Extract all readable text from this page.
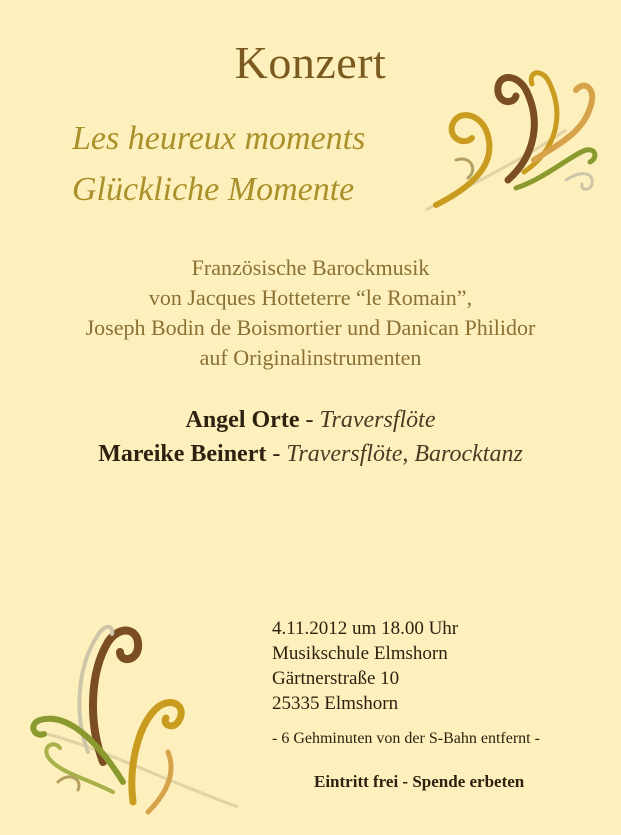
Konzert
Les heureux moments
Glückliche Momente
Französische Barockmusik
von Jacques Hotteterre “le Romain”,
Joseph Bodin de Boismortier und Danican Philidor
auf Originalinstrumenten
Angel Orte - Traversflöte
Mareike Beinert - Traversflöte, Barocktanz
4.11.2012 um 18.00 Uhr
Musikschule Elmshorn
Gärtnerstraße 10
25335 Elmshorn
- 6 Gehminuten von der S-Bahn entfernt -
Eintritt frei - Spende erbeten
